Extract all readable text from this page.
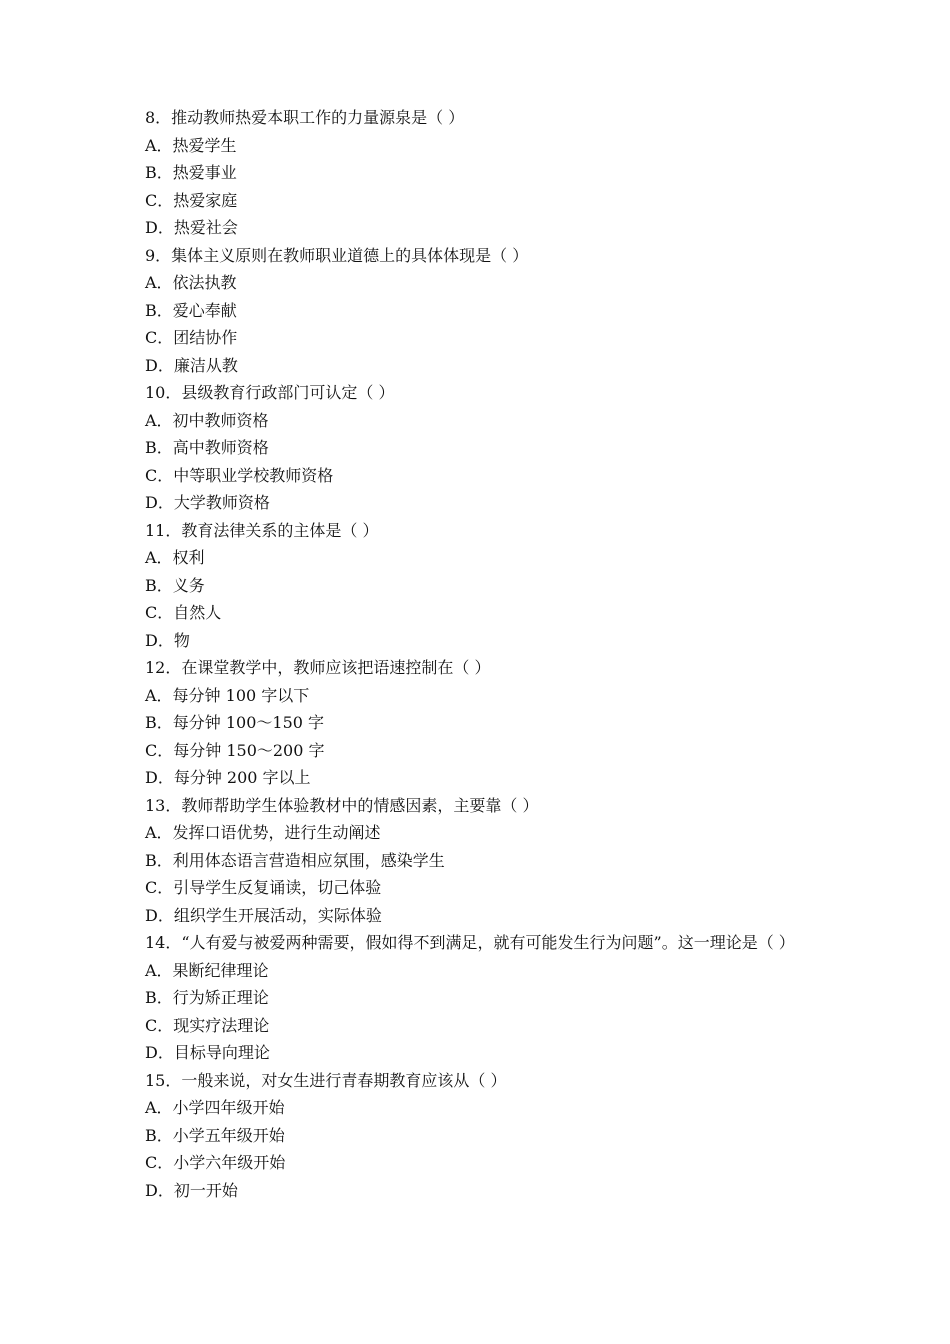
8．推动教师热爱本职工作的力量源泉是（ ）
A．热爱学生
B．热爱事业
C．热爱家庭
D．热爱社会
9．集体主义原则在教师职业道德上的具体体现是（ ）
A．依法执教
B．爱心奉献
C．团结协作
D．廉洁从教
10．县级教育行政部门可认定（ ）
A．初中教师资格
B．高中教师资格
C．中等职业学校教师资格
D．大学教师资格
11．教育法律关系的主体是（ ）
A．权利
B．义务
C．自然人
D．物
12．在课堂教学中，教师应该把语速控制在（ ）
A．每分钟 100 字以下
B．每分钟 100～150 字
C．每分钟 150～200 字
D．每分钟 200 字以上
13．教师帮助学生体验教材中的情感因素，主要靠（ ）
A．发挥口语优势，进行生动阐述
B．利用体态语言营造相应氛围，感染学生
C．引导学生反复诵读，切己体验
D．组织学生开展活动，实际体验
14．“人有爱与被爱两种需要，假如得不到满足，就有可能发生行为问题”。这一理论是（ ）
A．果断纪律理论
B．行为矫正理论
C．现实疗法理论
D．目标导向理论
15．一般来说，对女生进行青春期教育应该从（ ）
A．小学四年级开始
B．小学五年级开始
C．小学六年级开始
D．初一开始
